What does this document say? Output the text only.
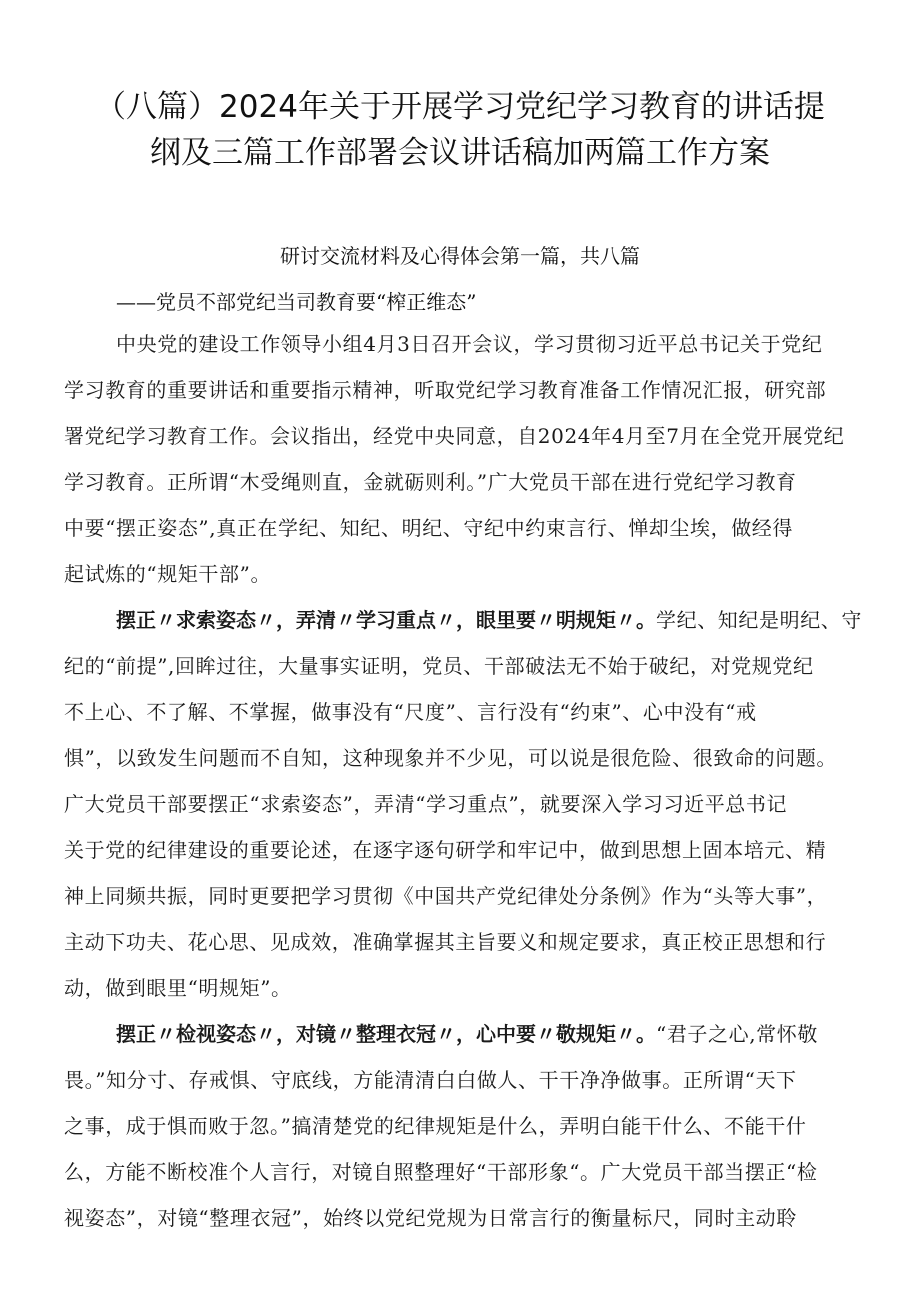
（八篇）2024年关于开展学习党纪学习教育的讲话提
纲及三篇工作部署会议讲话稿加两篇工作方案
研讨交流材料及心得体会第一篇，共八篇
——党员不部党纪当司教育要“榨正维态”
中央党的建设工作领导小组4月3日召开会议，学习贯彻习近平总书记关于党纪
学习教育的重要讲话和重要指示精神，听取党纪学习教育准备工作情况汇报，研究部
署党纪学习教育工作。会议指出，经党中央同意，自2024年4月至7月在全党开展党纪
学习教育。正所谓“木受绳则直，金就砺则利。”广大党员干部在进行党纪学习教育
中要“摆正姿态”,真正在学纪、知纪、明纪、守纪中约束言行、惮却尘埃，做经得
起试炼的“规矩干部”。
摆正〃求索姿态〃，弄清〃学习重点〃，眼里要〃明规矩〃。学纪、知纪是明纪、守
纪的“前提”,回眸过往，大量事实证明，党员、干部破法无不始于破纪，对党规党纪
不上心、不了解、不掌握，做事没有“尺度”、言行没有“约束”、心中没有“戒
惧”，以致发生问题而不自知，这种现象并不少见，可以说是很危险、很致命的问题。
广大党员干部要摆正“求索姿态”，弄清“学习重点”，就要深入学习习近平总书记
关于党的纪律建设的重要论述，在逐字逐句研学和牢记中，做到思想上固本培元、精
神上同频共振，同时更要把学习贯彻《中国共产党纪律处分条例》作为“头等大事”，
主动下功夫、花心思、见成效，准确掌握其主旨要义和规定要求，真正校正思想和行
动，做到眼里“明规矩”。
摆正〃检视姿态〃，对镜〃整理衣冠〃，心中要〃敬规矩〃。“君子之心,常怀敬
畏。”知分寸、存戒惧、守底线，方能清清白白做人、干干净净做事。正所谓“天下
之事，成于惧而败于忽。”搞清楚党的纪律规矩是什么，弄明白能干什么、不能干什
么，方能不断校准个人言行，对镜自照整理好“干部形象“。广大党员干部当摆正“检
视姿态”，对镜“整理衣冠”，始终以党纪党规为日常言行的衡量标尺，同时主动聆
